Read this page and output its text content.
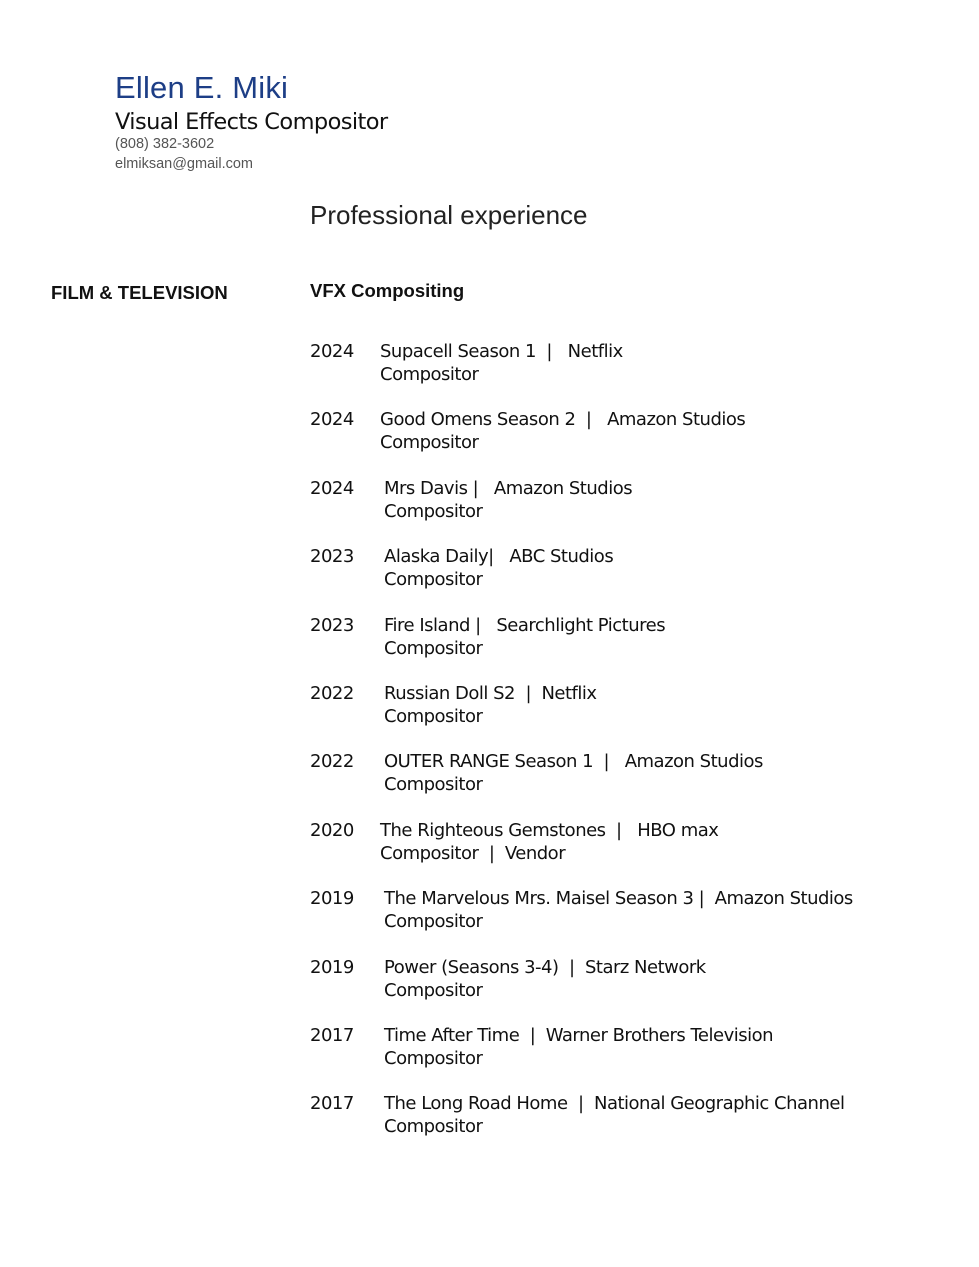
Ellen E. Miki
Visual Effects Compositor
(808) 382-3602
elmiksan@gmail.com
Professional experience
FILM & TELEVISION	VFX Compositing
2024 Supacell Season 1  |   Netflix
Compositor
2024 Good Omens Season 2  |   Amazon Studios
Compositor
2024 Mrs Davis |   Amazon Studios
Compositor
2023 Alaska Daily|   ABC Studios
Compositor
2023 Fire Island |   Searchlight Pictures
Compositor
2022 Russian Doll S2  |  Netflix
Compositor
2022 OUTER RANGE Season 1  |   Amazon Studios
Compositor
2020 The Righteous Gemstones  |   HBO max
Compositor  |  Vendor
2019 The Marvelous Mrs. Maisel Season 3 |  Amazon Studios
Compositor
2019 Power (Seasons 3-4)  |  Starz Network
Compositor
2017 Time After Time  |  Warner Brothers Television
Compositor
2017 The Long Road Home  |  National Geographic Channel
Compositor
